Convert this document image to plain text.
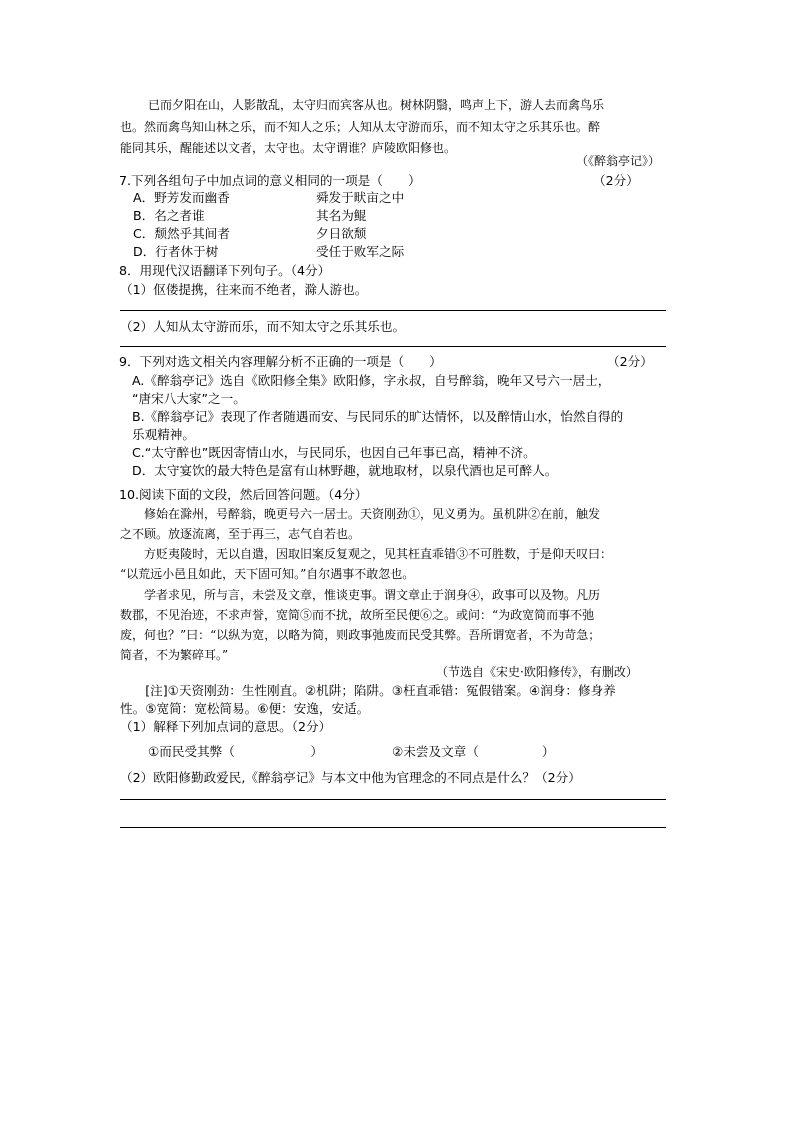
已而夕阳在山，人影散乱，太守归而宾客从也。树林阴翳，鸣声上下，游人去而禽鸟乐
也。然而禽鸟知山林之乐，而不知人之乐；人知从太守游而乐，而不知太守之乐其乐也。醉
能同其乐，醒能述以文者，太守也。太守谓谁？庐陵欧阳修也。
（《醉翁亭记》）
7.下列各组句子中加点词的意义相同的一项是（　　）	（2分）
A．野芳发而幽香	舜发于畎亩之中
B．名之者谁	其名为鲲
C．颓然乎其间者	夕日欲颓
D．行者休于树	受任于败军之际
8．用现代汉语翻译下列句子。（4分）
（1）伛偻提携，往来而不绝者，滁人游也。
（2）人知从太守游而乐，而不知太守之乐其乐也。
9．下列对选文相关内容理解分析不正确的一项是（　　）	（2分）
A.《醉翁亭记》选自《欧阳修全集》欧阳修，字永叔，自号醉翁，晚年又号六一居士，
“唐宋八大家”之一。
B.《醉翁亭记》表现了作者随遇而安、与民同乐的旷达情怀，以及醉情山水，怡然自得的
乐观精神。
C.“太守醉也”既因寄情山水，与民同乐，也因自己年事已高，精神不济。
D．太守宴饮的最大特色是富有山林野趣，就地取材，以泉代酒也足可醉人。
10.阅读下面的文段，然后回答问题。（4分）
　　修始在滁州，号醉翁，晚更号六一居士。天资刚劲①，见义勇为。虽机阱②在前，触发
之不顾。放逐流离，至于再三，志气自若也。
　　方贬夷陵时，无以自遣，因取旧案反复观之，见其枉直乖错③不可胜数，于是仰天叹曰：
“以荒远小邑且如此，天下固可知。”自尔遇事不敢忽也。
　　学者求见，所与言，未尝及文章，惟谈吏事。谓文章止于润身④，政事可以及物。凡历
数郡，不见治迹，不求声誉，宽简⑤而不扰，故所至民便⑥之。或问：“为政宽简而事不弛
废，何也？”曰：“以纵为宽，以略为简，则政事弛废而民受其弊。吾所谓宽者，不为苛急；
简者，不为繁碎耳。”
（节选自《宋史·欧阳修传》，有删改）
　　[注]①天资刚劲：生性刚直。②机阱；陷阱。③枉直乖错：冤假错案。④润身：修身养
性。⑤宽简：宽松简易。⑥便：安逸，安适。
（1）解释下列加点词的意思。（2分）
①而民受其弊（　　　　　　）	②未尝及文章（　　　　　）
（2）欧阳修勤政爱民,《醉翁亭记》与本文中他为官理念的不同点是什么？（2分）
